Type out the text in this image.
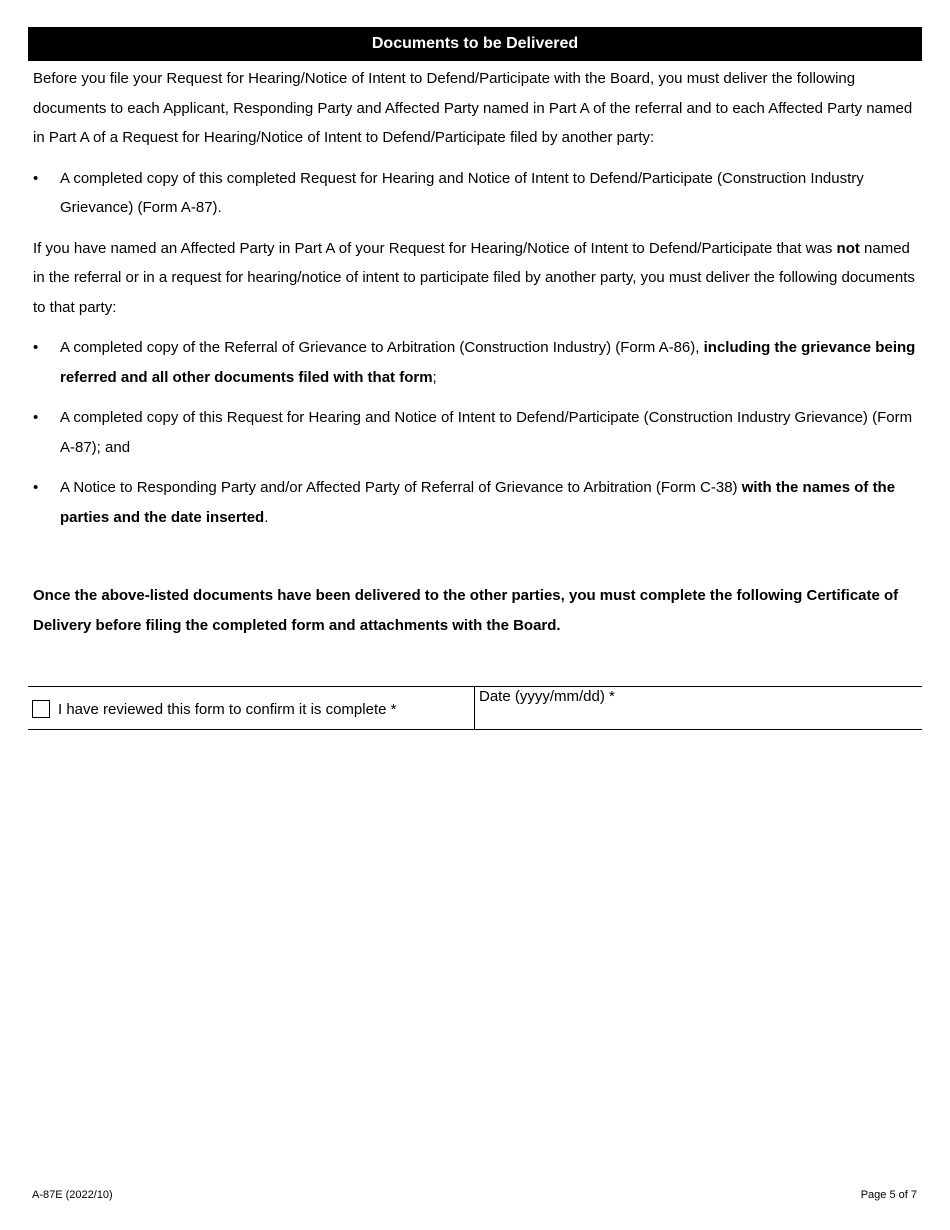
Documents to be Delivered

Before you file your Request for Hearing/Notice of Intent to Defend/Participate with the Board, you must deliver the following documents to each Applicant, Responding Party and Affected Party named in Part A of the referral and to each Affected Party named in Part A of a Request for Hearing/Notice of Intent to Defend/Participate filed by another party:

• A completed copy of this completed Request for Hearing and Notice of Intent to Defend/Participate (Construction Industry Grievance) (Form A-87).

If you have named an Affected Party in Part A of your Request for Hearing/Notice of Intent to Defend/Participate that was not named in the referral or in a request for hearing/notice of intent to participate filed by another party, you must deliver the following documents to that party:

• A completed copy of the Referral of Grievance to Arbitration (Construction Industry) (Form A-86), including the grievance being referred and all other documents filed with that form;
• A completed copy of this Request for Hearing and Notice of Intent to Defend/Participate (Construction Industry Grievance) (Form A-87); and
• A Notice to Responding Party and/or Affected Party of Referral of Grievance to Arbitration (Form C-38) with the names of the parties and the date inserted.

Once the above-listed documents have been delivered to the other parties, you must complete the following Certificate of Delivery before filing the completed form and attachments with the Board.

I have reviewed this form to confirm it is complete *
Date (yyyy/mm/dd) *
A-87E (2022/10)	Page 5 of 7
